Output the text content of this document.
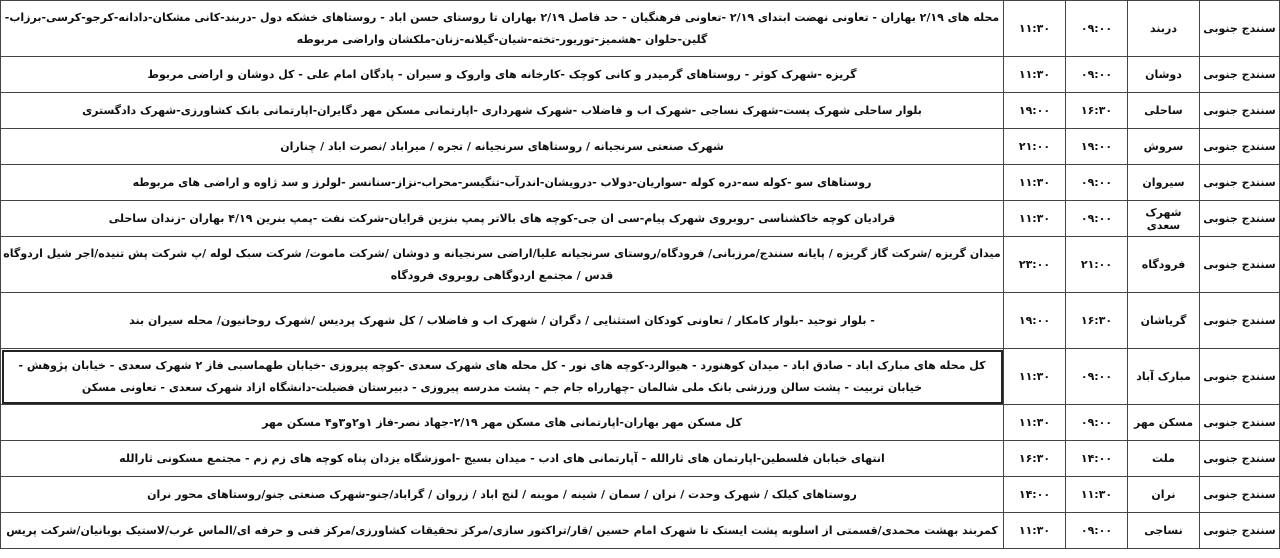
سنندج جنوبی	دربند	۰۹:۰۰	۱۱:۳۰	محله های ۲/۱۹ بهاران - تعاونی نهضت ابتدای ۲/۱۹ -تعاونی فرهنگیان - حد فاصل ۲/۱۹ بهاران تا روستای حسن اباد - روستاهای خشکه دول -دربند-کانی مشکان-دادانه-کرجو-کرسی-برزاب-گلین-حلوان -هشمیز-توریور-تخته-شیان-گیلانه-زنان-ملکشان واراضی مربوطه
سنندج جنوبی	دوشان	۰۹:۰۰	۱۱:۳۰	گریزه -شهرک کوثر - روستاهای گرمیدر و کانی کوچک -کارخانه های واروک و سیران - پادگان امام علی - کل دوشان و اراضی مربوط
سنندج جنوبی	ساحلی	۱۶:۳۰	۱۹:۰۰	بلوار ساحلی شهرک پست-شهرک نساجی -شهرک اب و فاضلاب -شهرک شهرداری -اپارتمانی مسکن مهر دگایران-اپارتمانی بانک کشاورزی-شهرک دادگستری
سنندج جنوبی	سروش	۱۹:۰۰	۲۱:۰۰	شهرک صنعتی سرنجیانه / روستاهای سرنجیانه / تجره / میراباد /نصرت اباد / چناران
سنندج جنوبی	سیروان	۰۹:۰۰	۱۱:۳۰	روستاهای سو -کوله سه-دره کوله -سواریان-دولاب -درویشان-اندرآب-تنگیسر-محراب-نزاز-سنانسر -لولرز و سد ژاوه و اراضی های مربوطه
سنندج جنوبی	شهرک سعدی	۰۹:۰۰	۱۱:۳۰	قرادیان کوچه خاکشناسی -روبروی شهرک پیام-سی ان جی-کوچه های بالاتر پمپ بنزین قرایان-شرکت نفت -پمپ بنرین ۴/۱۹ بهاران -زندان ساحلی
سنندج جنوبی	فرودگاه	۲۱:۰۰	۲۳:۰۰	میدان گریزه /شرکت گاز گریزه / پایانه سنندج/مرزبانی/ فرودگاه/روستای سرنجیانه علیا/اراضی سرنجیانه و دوشان /شرکت ماموت/ شرکت سبک لوله /پ شرکت پش تنیده/اجر شیل اردوگاه قدس / مجتمع اردوگاهی روبروی فرودگاه
سنندج جنوبی	گریاشان	۱۶:۳۰	۱۹:۰۰	- بلوار توحید -بلوار کامکار / تعاونی کودکان استثنایی / دگران / شهرک اب و فاضلاب / کل شهرک پردیس /شهرک روحانیون/ محله سیران بند
سنندج جنوبی	مبارک آباد	۰۹:۰۰	۱۱:۳۰	کل محله های مبارک اباد - صادق اباد - میدان کوهنورد - هیوالرد-کوچه های نور - کل محله های شهرک سعدی -کوچه پیروزی -خیابان طهماسبی فاز ۲ شهرک سعدی - خیابان پژوهش - خیابان تربیت - پشت سالن ورزشی بانک ملی شالمان -چهارراه جام جم - پشت مدرسه پیروزی - دبیرستان فضیلت-دانشگاه ازاد شهرک سعدی - تعاونی مسکن
سنندج جنوبی	مسکن مهر	۰۹:۰۰	۱۱:۳۰	کل مسکن مهر بهاران-اپارتمانی های مسکن مهر ۲/۱۹-جهاد نصر-فاز ۱و۲و۳و۴ مسکن مهر
سنندج جنوبی	ملت	۱۴:۰۰	۱۶:۳۰	انتهای خیابان فلسطین-اپارتمان های ثارالله - آپارتمانی های ادب - میدان بسیج -اموزشگاه یزدان پناه کوچه های زم زم - مجتمع مسکونی ثارالله
سنندج جنوبی	نران	۱۱:۳۰	۱۴:۰۰	روستاهای کیلک / شهرک وحدت / نران / سمان / شینه / موینه / لنج اباد / زروان / گراباد/جنو-شهرک صنعتی جنو/روستاهای محور نران
سنندج جنوبی	نساجی	۰۹:۰۰	۱۱:۳۰	کمربند بهشت محمدی/قسمتی از اسلوبه پشت ایستک تا شهرک امام حسین /قار/تراکتور سازی/مرکز تحقیقات کشاورزی/مرکز فنی و حرفه ای/الماس غرب/لاستیک بوبانیان/شرکت پریس
